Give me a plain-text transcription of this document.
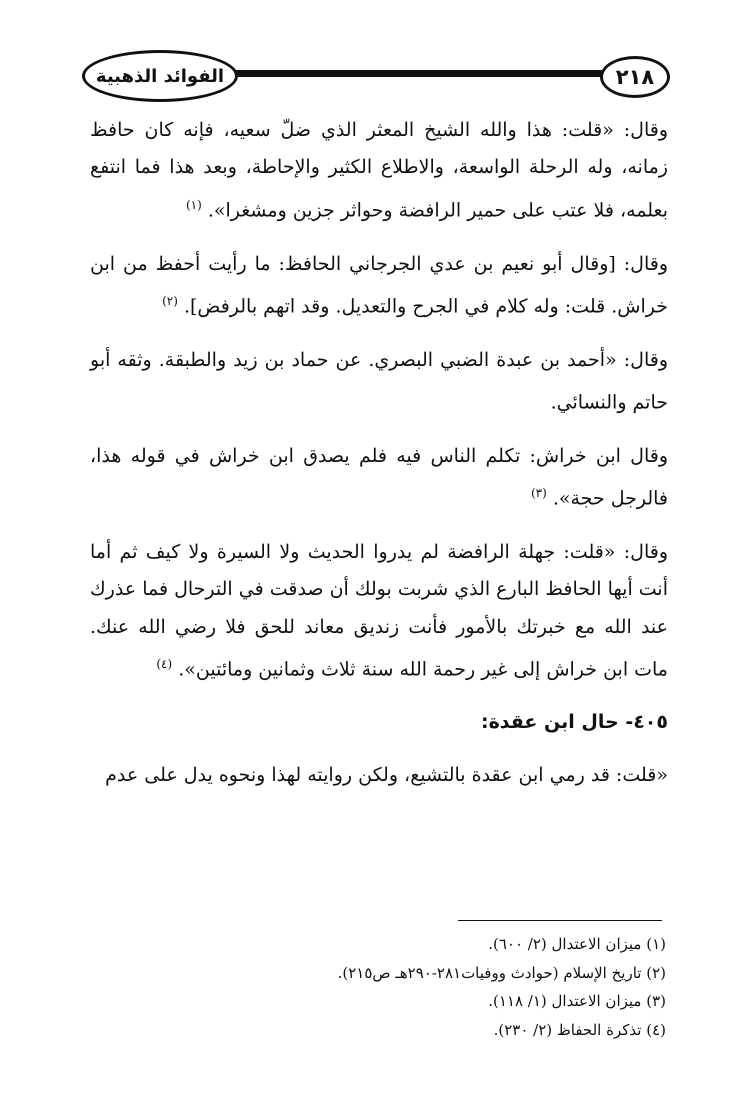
الفوائد الذهبية	٢١٨

وقال: «قلت: هذا والله الشيخ المعثر الذي ضلّ سعيه، فإنه كان حافظ زمانه، وله الرحلة الواسعة، والاطلاع الكثير والإحاطة، وبعد هذا فما انتفع بعلمه، فلا عتب على حمير الرافضة وحواثر جزين ومشغرا». $^{(١)}$

وقال: [وقال أبو نعيم بن عدي الجرجاني الحافظ: ما رأيت أحفظ من ابن خراش. قلت: وله كلام في الجرح والتعديل. وقد اتهم بالرفض]. $^{(٢)}$

وقال: «أحمد بن عبدة الضبي البصري. عن حماد بن زيد والطبقة. وثقه أبو حاتم والنسائي.

وقال ابن خراش: تكلم الناس فيه فلم يصدق ابن خراش في قوله هذا، فالرجل حجة». $^{(٣)}$

وقال: «قلت: جهلة الرافضة لم يدروا الحديث ولا السيرة ولا كيف ثم أما أنت أيها الحافظ البارع الذي شربت بولك أن صدقت في الترحال فما عذرك عند الله مع خبرتك بالأمور فأنت زنديق معاند للحق فلا رضي الله عنك. مات ابن خراش إلى غير رحمة الله سنة ثلاث وثمانين ومائتين». $^{(٤)}$

٤٠٥- حال ابن عقدة:

«قلت: قد رمي ابن عقدة بالتشيع، ولكن روايته لهذا ونحوه يدل على عدم

(١) ميزان الاعتدال (٢/ ٦٠٠).

(٢) تاريخ الإسلام (حوادث ووفيات٢٨١-٢٩٠هـ ص٢١٥).

(٣) ميزان الاعتدال (١/ ١١٨).

(٤) تذكرة الحفاظ (٢/ ٢٣٠).
